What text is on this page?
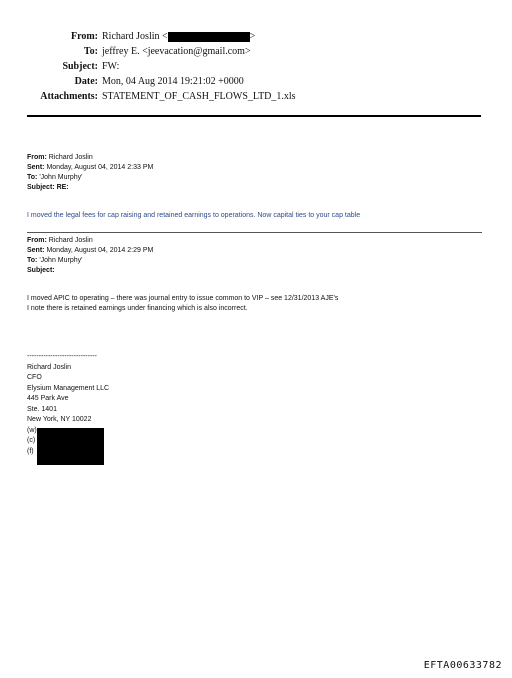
From: Richard Joslin <	>
To: jeffrey E. <jeevacation@gmail.com>
Subject: FW:
Date: Mon, 04 Aug 2014 19:21:02 +0000
Attachments: STATEMENT_OF_CASH_FLOWS_LTD_1.xls
From: Richard Joslin
Sent: Monday, August 04, 2014 2:33 PM
To: 'John Murphy'
Subject: RE:
I moved the legal fees for cap raising and retained earnings to operations. Now capital ties to your cap table
From: Richard Joslin
Sent: Monday, August 04, 2014 2:29 PM
To: 'John Murphy'
Subject:
I moved APIC to operating – there was journal entry to issue common to VIP – see 12/31/2013 AJE's
I note there is retained earnings under financing which is also incorrect.
------------------------------
Richard Joslin
CFO
Elysium Management LLC
445 Park Ave
Ste. 1401
New York, NY 10022
(w)
(c)
(f)
EFTA00633782
